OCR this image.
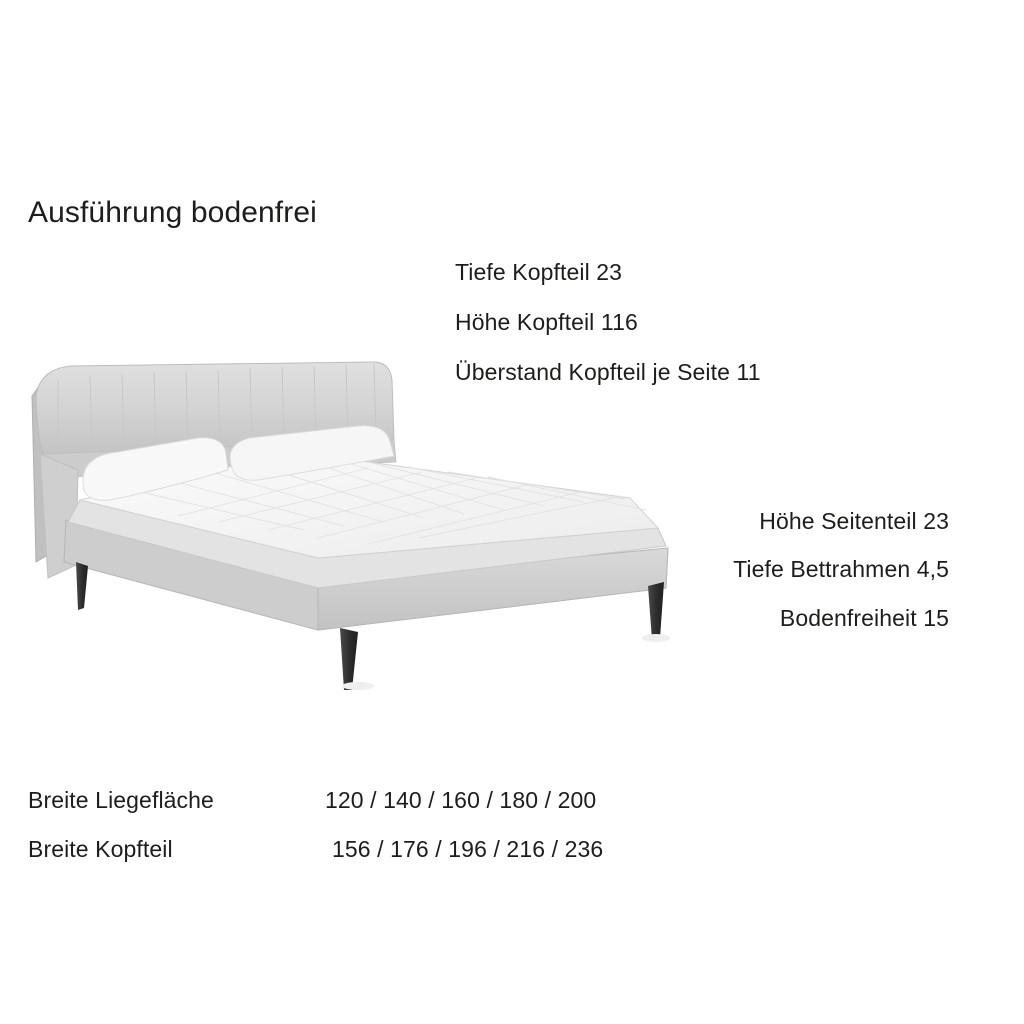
Ausführung bodenfrei
Tiefe Kopfteil 23
Höhe Kopfteil 116
Überstand Kopfteil je Seite 11
Höhe Seitenteil 23
Tiefe Bettrahmen 4,5
Bodenfreiheit 15
Breite Liegefläche	120 / 140 / 160 / 180 / 200
Breite Kopfteil	156 / 176 / 196 / 216 / 236
